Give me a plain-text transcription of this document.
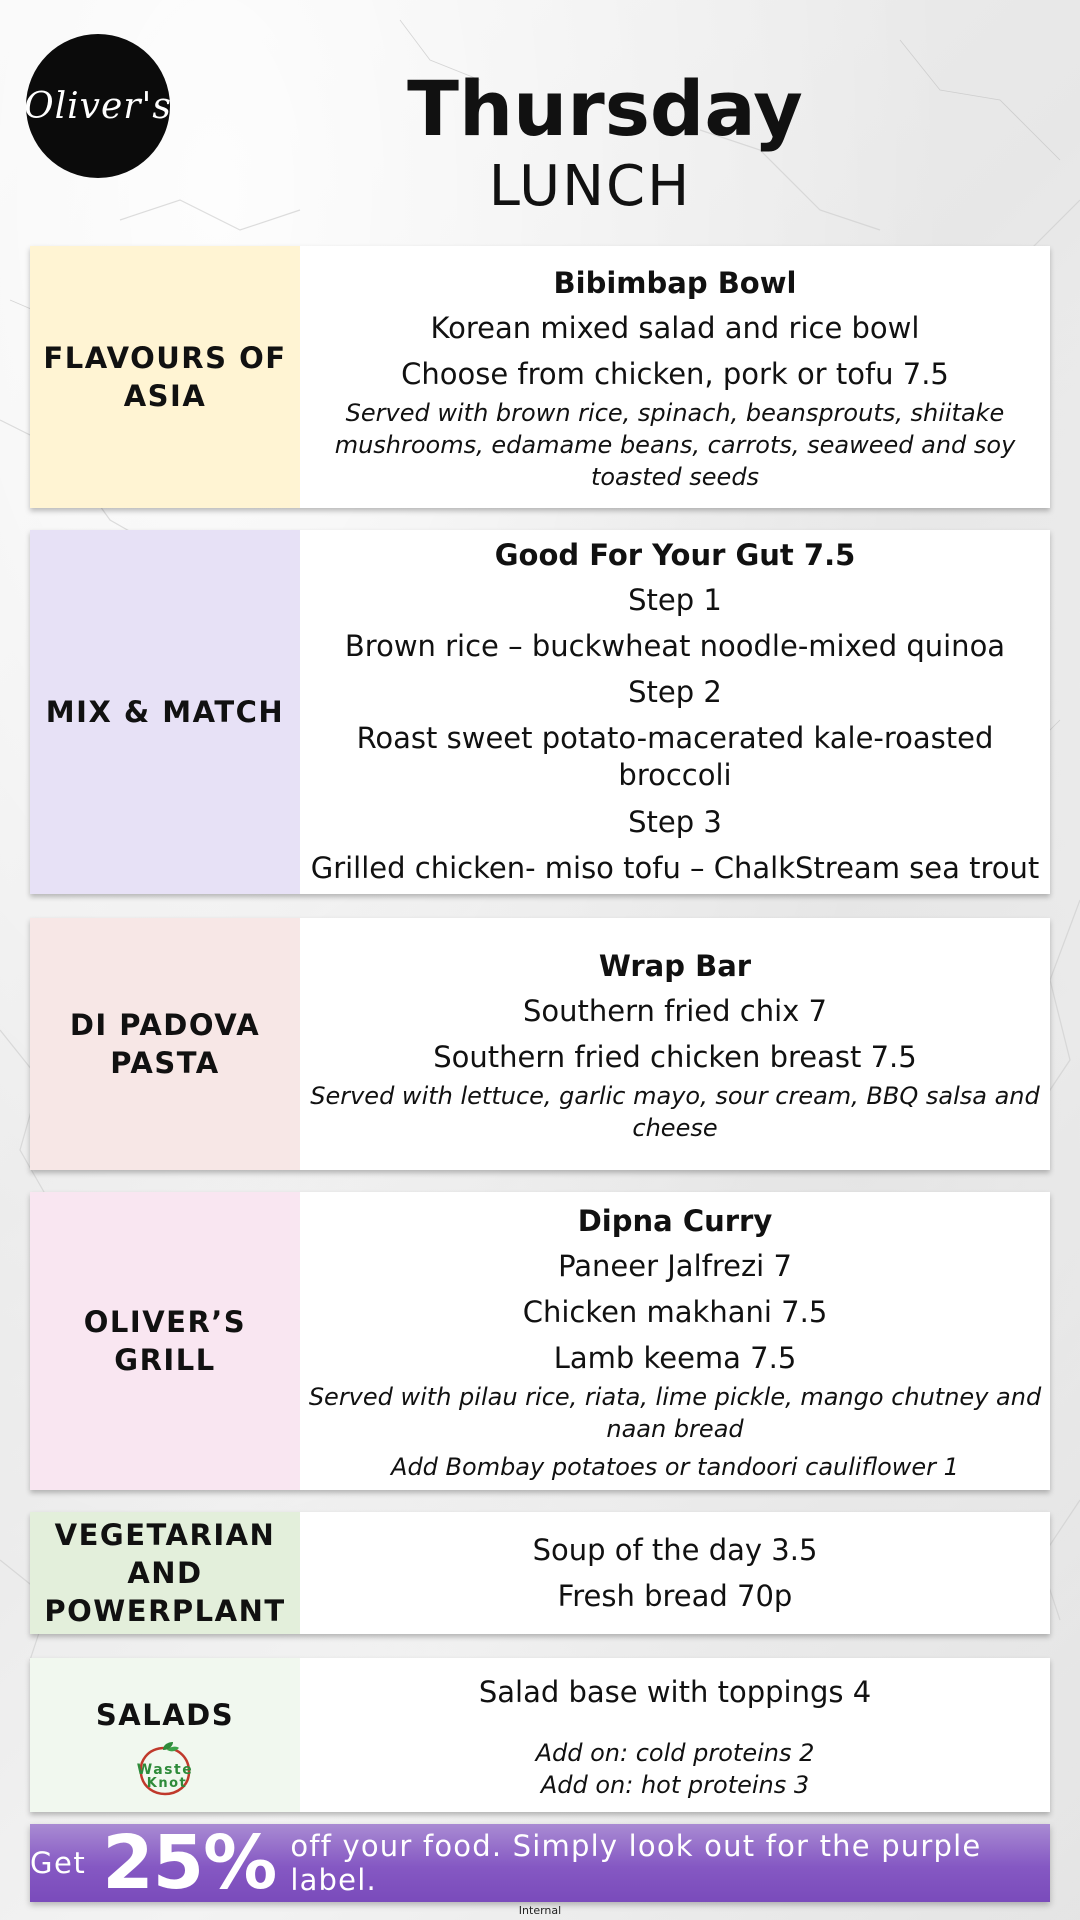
Oliver's	Thursday
LUNCH
FLAVOURS OF ASIA
Bibimbap Bowl
Korean mixed salad and rice bowl
Choose from chicken, pork or tofu 7.5
Served with brown rice, spinach, beansprouts, shiitake mushrooms, edamame beans, carrots, seaweed and soy toasted seeds
MIX & MATCH
Good For Your Gut 7.5
Step 1
Brown rice – buckwheat noodle-mixed quinoa
Step 2
Roast sweet potato-macerated kale-roasted broccoli
Step 3
Grilled chicken- miso tofu – ChalkStream sea trout
DI PADOVA PASTA
Wrap Bar
Southern fried chix 7
Southern fried chicken breast 7.5
Served with lettuce, garlic mayo, sour cream, BBQ salsa and cheese
OLIVER’S GRILL
Dipna Curry
Paneer Jalfrezi 7
Chicken makhani 7.5
Lamb keema 7.5
Served with pilau rice, riata, lime pickle, mango chutney and naan bread
Add Bombay potatoes or tandoori cauliflower 1
VEGETARIAN AND POWERPLANT
Soup of the day 3.5
Fresh bread 70p
SALADS
Waste
Knot
Salad base with toppings 4
Add on: cold proteins 2
Add on: hot proteins 3
Get 25% off your food. Simply look out for the purple label.
Internal
